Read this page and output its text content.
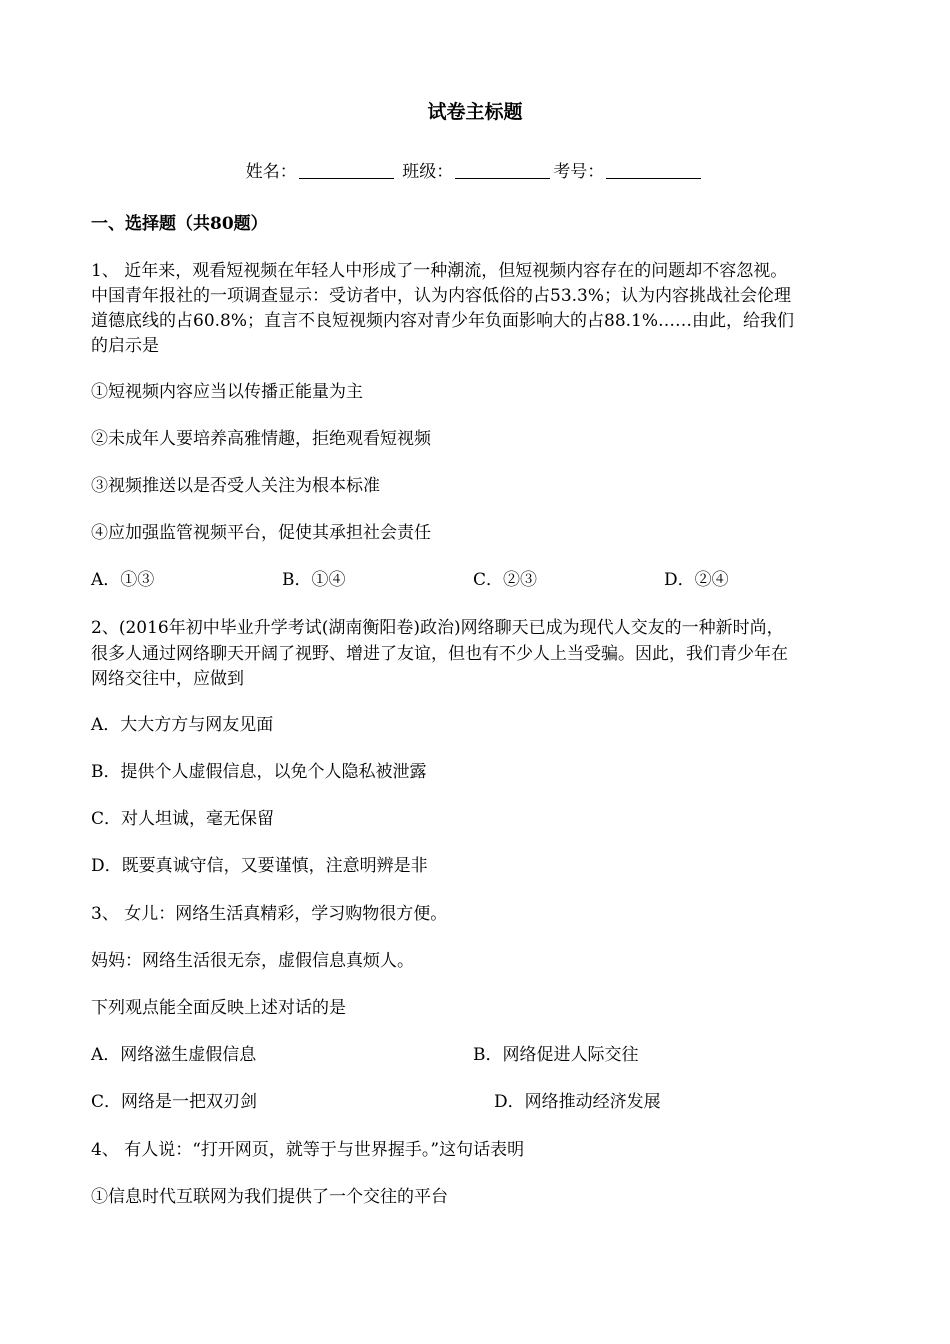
试卷主标题
姓名：	班级：	考号：
一、选择题（共80题）
1、 近年来，观看短视频在年轻人中形成了一种潮流，但短视频内容存在的问题却不容忽视。
中国青年报社的一项调查显示：受访者中，认为内容低俗的占53.3%；认为内容挑战社会伦理
道德底线的占60.8%；直言不良短视频内容对青少年负面影响大的占88.1%……由此，给我们
的启示是
①短视频内容应当以传播正能量为主
②未成年人要培养高雅情趣，拒绝观看短视频
③视频推送以是否受人关注为根本标准
④应加强监管视频平台，促使其承担社会责任
A．①③	B．①④	C．②③	D．②④
2、(2016年初中毕业升学考试(湖南衡阳卷)政治)网络聊天已成为现代人交友的一种新时尚，
很多人通过网络聊天开阔了视野、增进了友谊，但也有不少人上当受骗。因此，我们青少年在
网络交往中，应做到
A．大大方方与网友见面
B．提供个人虚假信息，以免个人隐私被泄露
C．对人坦诚，毫无保留
D．既要真诚守信，又要谨慎，注意明辨是非
3、 女儿：网络生活真精彩，学习购物很方便。
妈妈：网络生活很无奈，虚假信息真烦人。
下列观点能全面反映上述对话的是
A．网络滋生虚假信息	B．网络促进人际交往
C．网络是一把双刃剑	D．网络推动经济发展
4、 有人说：“打开网页，就等于与世界握手。”这句话表明
①信息时代互联网为我们提供了一个交往的平台
